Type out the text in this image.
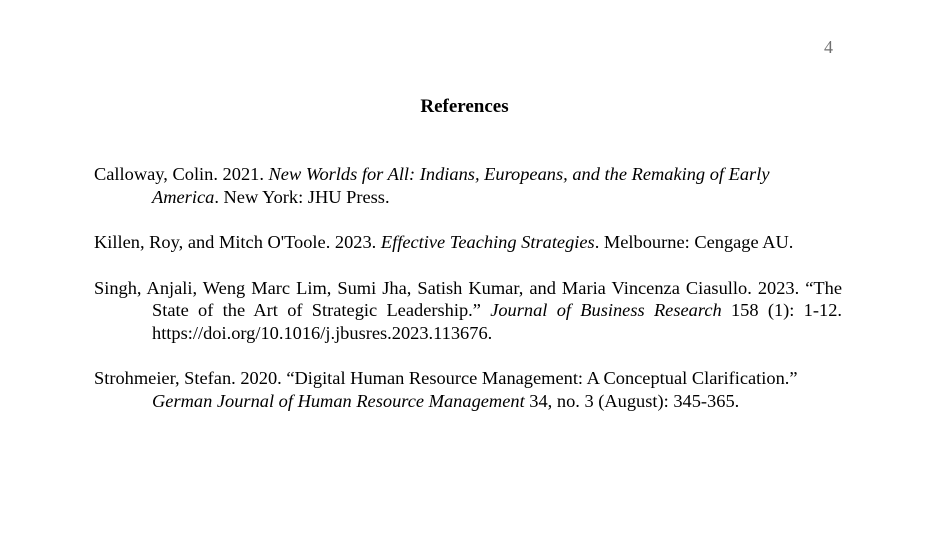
4
References

Calloway, Colin. 2021. New Worlds for All: Indians, Europeans, and the Remaking of Early America. New York: JHU Press.

Killen, Roy, and Mitch O'Toole. 2023. Effective Teaching Strategies. Melbourne: Cengage AU.

Singh, Anjali, Weng Marc Lim, Sumi Jha, Satish Kumar, and Maria Vincenza Ciasullo. 2023. “The State of the Art of Strategic Leadership.” Journal of Business Research 158 (1): 1-12. https://doi.org/10.1016/j.jbusres.2023.113676.

Strohmeier, Stefan. 2020. “Digital Human Resource Management: A Conceptual Clarification.” German Journal of Human Resource Management 34, no. 3 (August): 345-365.
